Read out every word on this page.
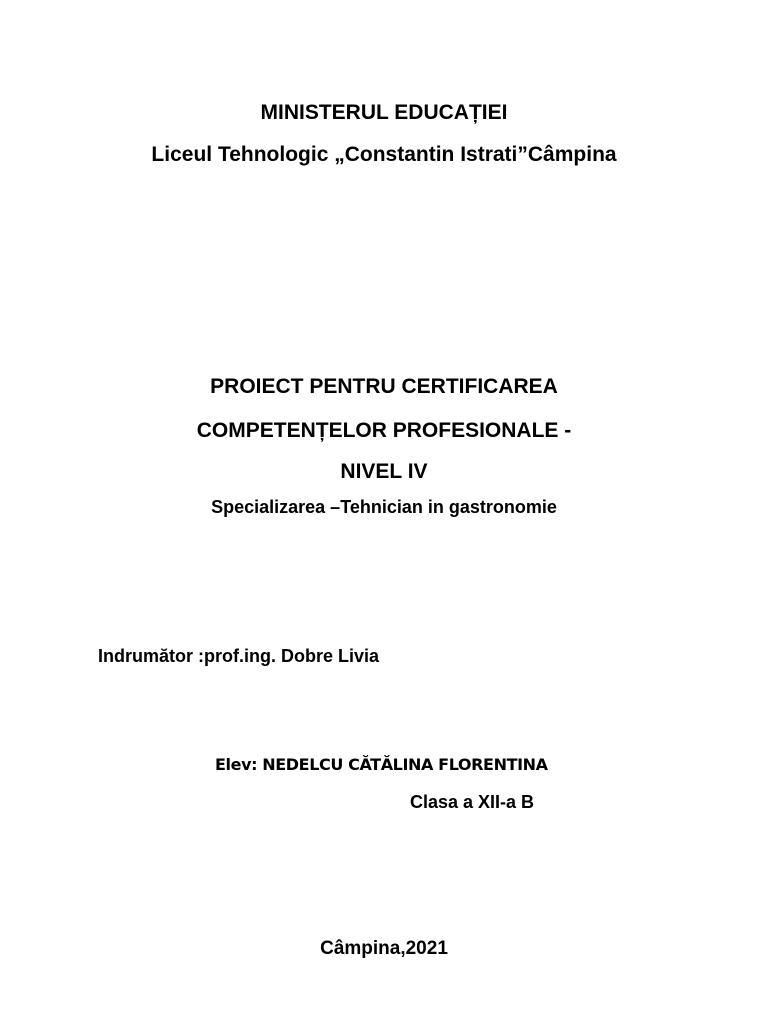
MINISTERUL EDUCAȚIEI
Liceul Tehnologic „Constantin Istrati”Câmpina
PROIECT PENTRU CERTIFICAREA
COMPETENȚELOR PROFESIONALE -
NIVEL IV
Specializarea –Tehnician in gastronomie
Indrumător :prof.ing. Dobre Livia
Elev: NEDELCU CĂTĂLINA FLORENTINA
Clasa a XII-a B
Câmpina,2021
